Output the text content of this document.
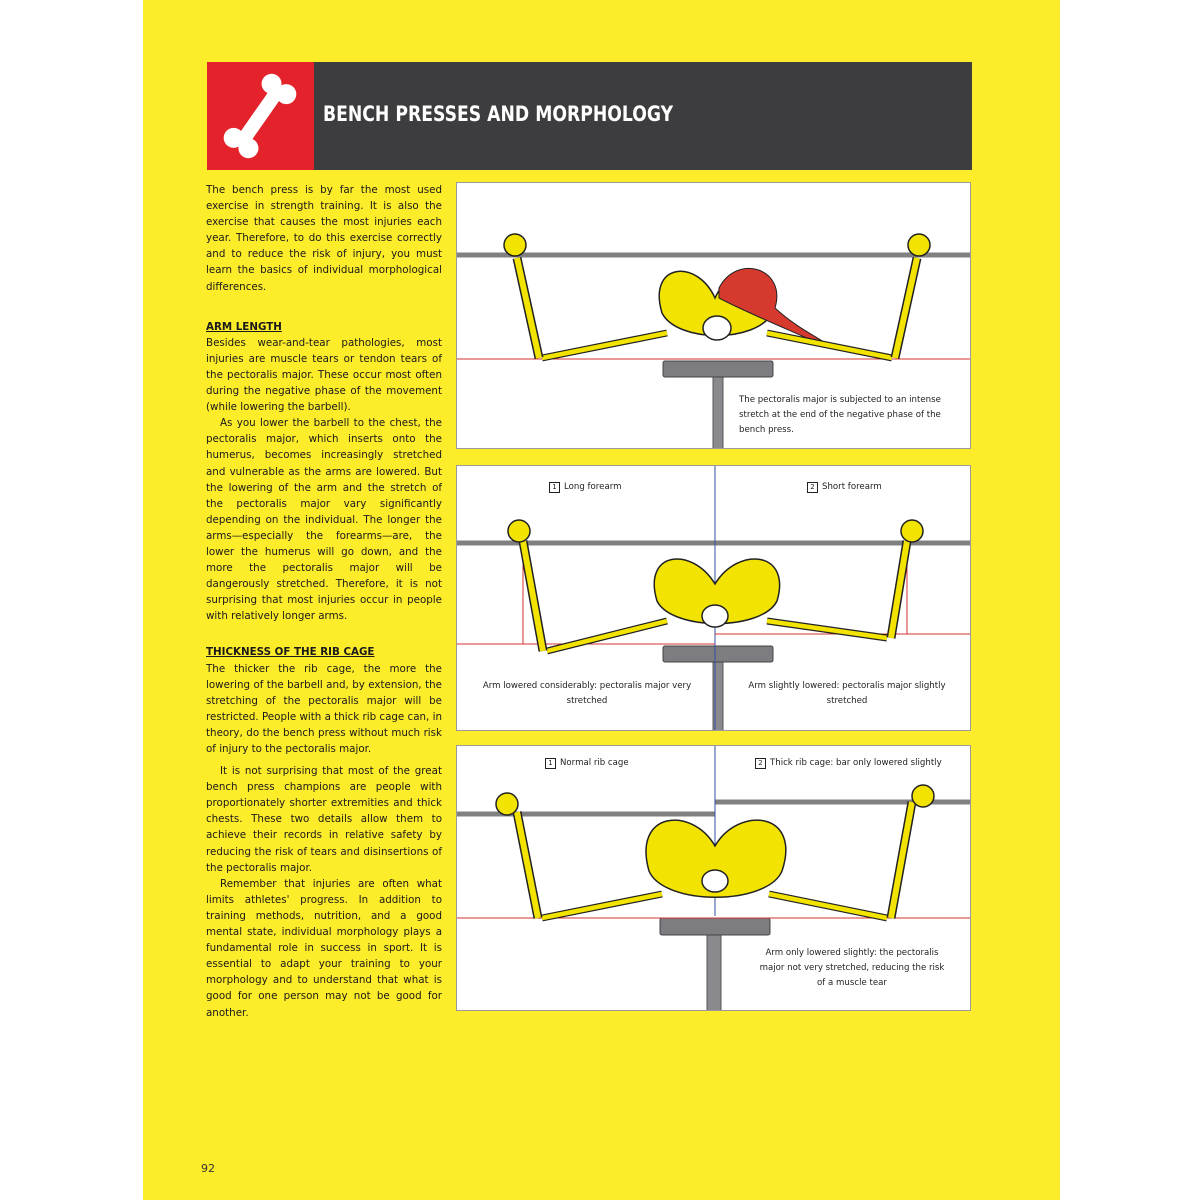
BENCH PRESSES AND MORPHOLOGY

The bench press is by far the most used exercise in strength training. It is also the exercise that causes the most injuries each year. Therefore, to do this exercise correctly and to reduce the risk of injury, you must learn the basics of individual morphological differences.

ARM LENGTH

Besides wear-and-tear pathologies, most injuries are muscle tears or tendon tears of the pectoralis major. These occur most often during the negative phase of the movement (while lowering the barbell).

As you lower the barbell to the chest, the pectoralis major, which inserts onto the humerus, becomes increasingly stretched and vulnerable as the arms are lowered. But the lowering of the arm and the stretch of the pectoralis major vary significantly depending on the individual. The longer the arms—especially the forearms—are, the lower the humerus will go down, and the more the pectoralis major will be dangerously stretched. Therefore, it is not surprising that most injuries occur in people with relatively longer arms.

THICKNESS OF THE RIB CAGE

The thicker the rib cage, the more the lowering of the barbell and, by extension, the stretching of the pectoralis major will be restricted. People with a thick rib cage can, in theory, do the bench press without much risk of injury to the pectoralis major.

It is not surprising that most of the great bench press champions are people with proportionately shorter extremities and thick chests. These two details allow them to achieve their records in relative safety by reducing the risk of tears and disinsertions of the pectoralis major.

Remember that injuries are often what limits athletes' progress. In addition to training methods, nutrition, and a good mental state, individual morphology plays a fundamental role in success in sport. It is essential to adapt your training to your morphology and to understand that what is good for one person may not be good for another.

The pectoralis major is subjected to an intense stretch at the end of the negative phase of the bench press.
1 Long forearm	2 Short forearm
Arm lowered considerably: pectoralis major very stretched
Arm slightly lowered: pectoralis major slightly stretched
1 Normal rib cage	2 Thick rib cage: bar only lowered slightly
Arm only lowered slightly: the pectoralis major not very stretched, reducing the risk of a muscle tear
92
